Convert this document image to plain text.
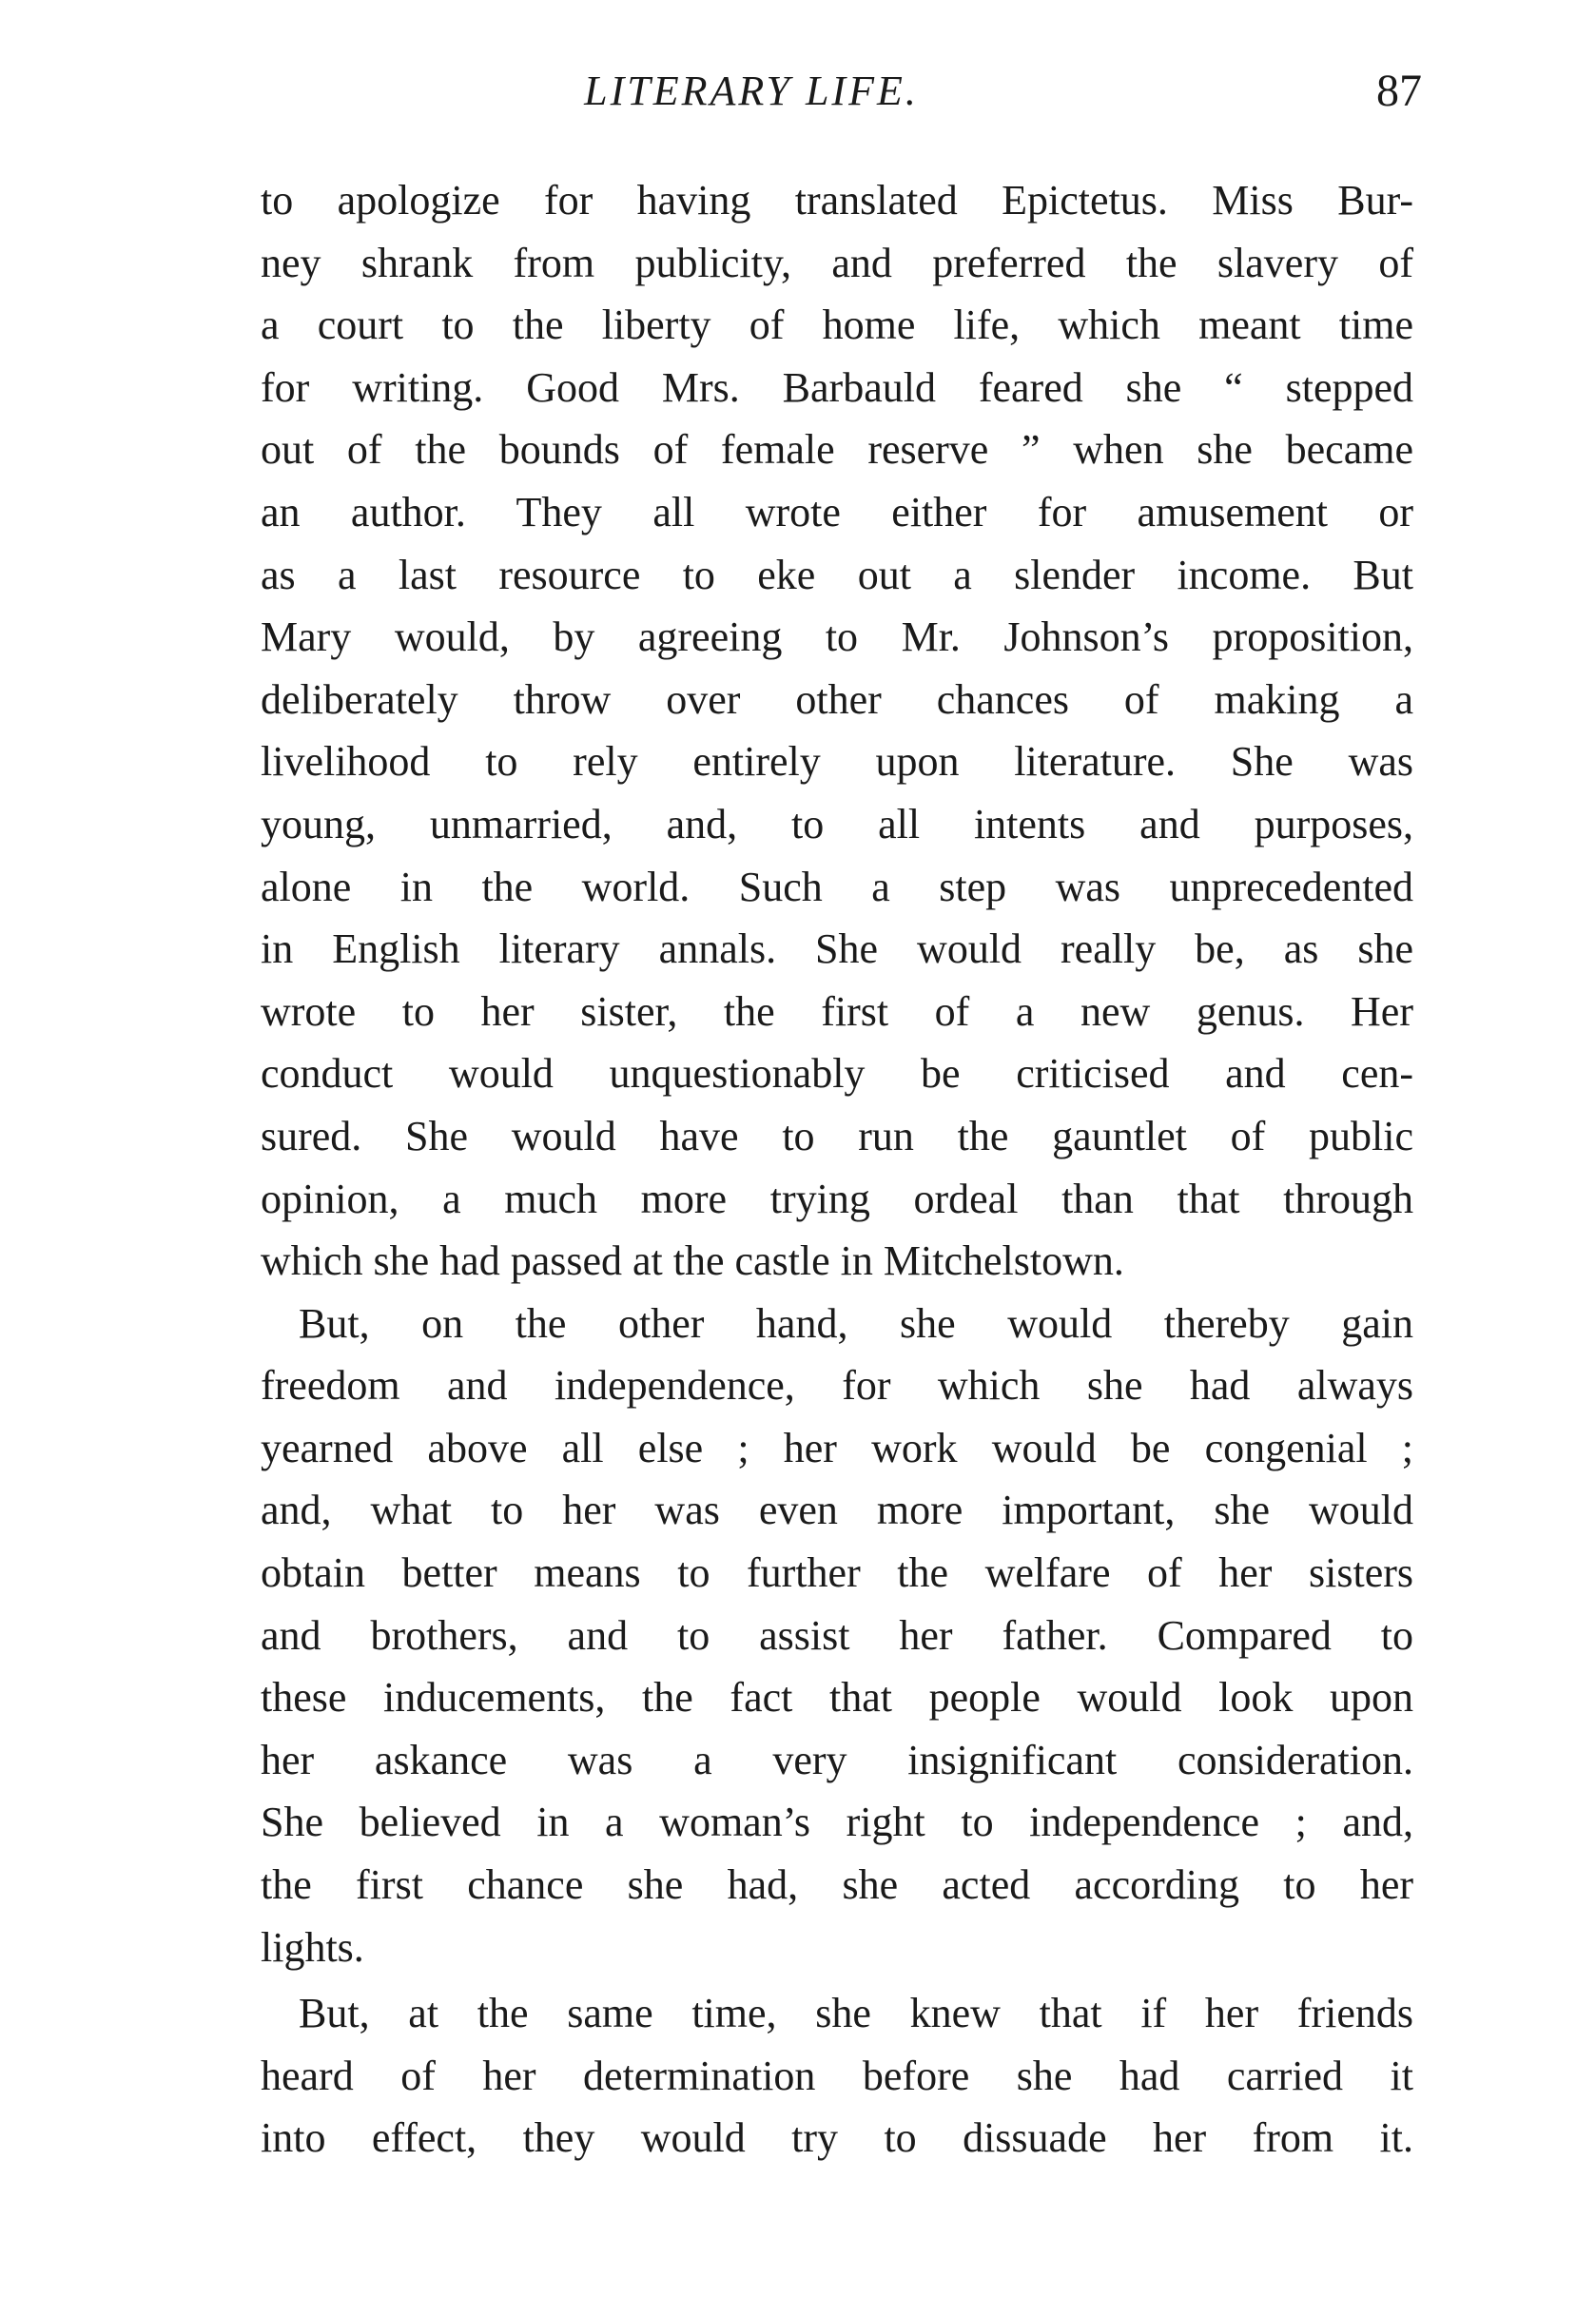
LITERARY LIFE.	87
to apologize for having translated Epictetus. Miss Bur-
ney shrank from publicity, and preferred the slavery of
a court to the liberty of home life, which meant time
for writing. Good Mrs. Barbauld feared she “ stepped
out of the bounds of female reserve ” when she became
an author. They all wrote either for amusement or
as a last resource to eke out a slender income. But
Mary would, by agreeing to Mr. Johnson’s proposition,
deliberately throw over other chances of making a
livelihood to rely entirely upon literature. She was
young, unmarried, and, to all intents and purposes,
alone in the world. Such a step was unprecedented
in English literary annals. She would really be, as she
wrote to her sister, the first of a new genus. Her
conduct would unquestionably be criticised and cen-
sured. She would have to run the gauntlet of public
opinion, a much more trying ordeal than that through
which she had passed at the castle in Mitchelstown.
But, on the other hand, she would thereby gain
freedom and independence, for which she had always
yearned above all else ; her work would be congenial ;
and, what to her was even more important, she would
obtain better means to further the welfare of her sisters
and brothers, and to assist her father. Compared to
these inducements, the fact that people would look upon
her askance was a very insignificant consideration.
She believed in a woman’s right to independence ; and,
the first chance she had, she acted according to her
lights.
But, at the same time, she knew that if her friends
heard of her determination before she had carried it
into effect, they would try to dissuade her from it.
